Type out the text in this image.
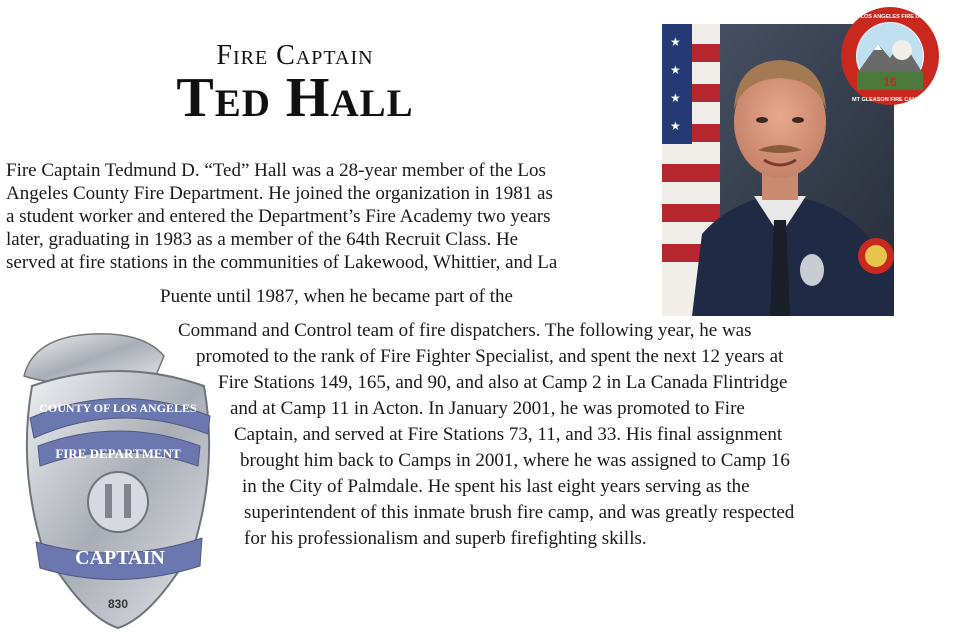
Fire Captain
Ted Hall
Fire Captain Tedmund D. “Ted” Hall was a 28-year member of the Los
Angeles County Fire Department. He joined the organization in 1981 as
a student worker and entered the Department’s Fire Academy two years
later, graduating in 1983 as a member of the 64th Recruit Class. He
served at fire stations in the communities of Lakewood, Whittier, and La
Puente until 1987, when he became part of the
Command and Control team of fire dispatchers. The following year, he was
promoted to the rank of Fire Fighter Specialist, and spent the next 12 years at
Fire Stations 149, 165, and 90, and also at Camp 2 in La Canada Flintridge
and at Camp 11 in Acton. In January 2001, he was promoted to Fire
Captain, and served at Fire Stations 73, 11, and 33. His final assignment
brought him back to Camps in 2001, where he was assigned to Camp 16
in the City of Palmdale. He spent his last eight years serving as the
superintendent of this inmate brush fire camp, and was greatly respected
for his professionalism and superb firefighting skills.
★
★
★
★
16
COUNTY OF LOS ANGELES FIRE DEPARTMENT
MT GLEASON FIRE CAMP 16
COUNTY OF LOS ANGELES
FIRE DEPARTMENT
CAPTAIN
830
